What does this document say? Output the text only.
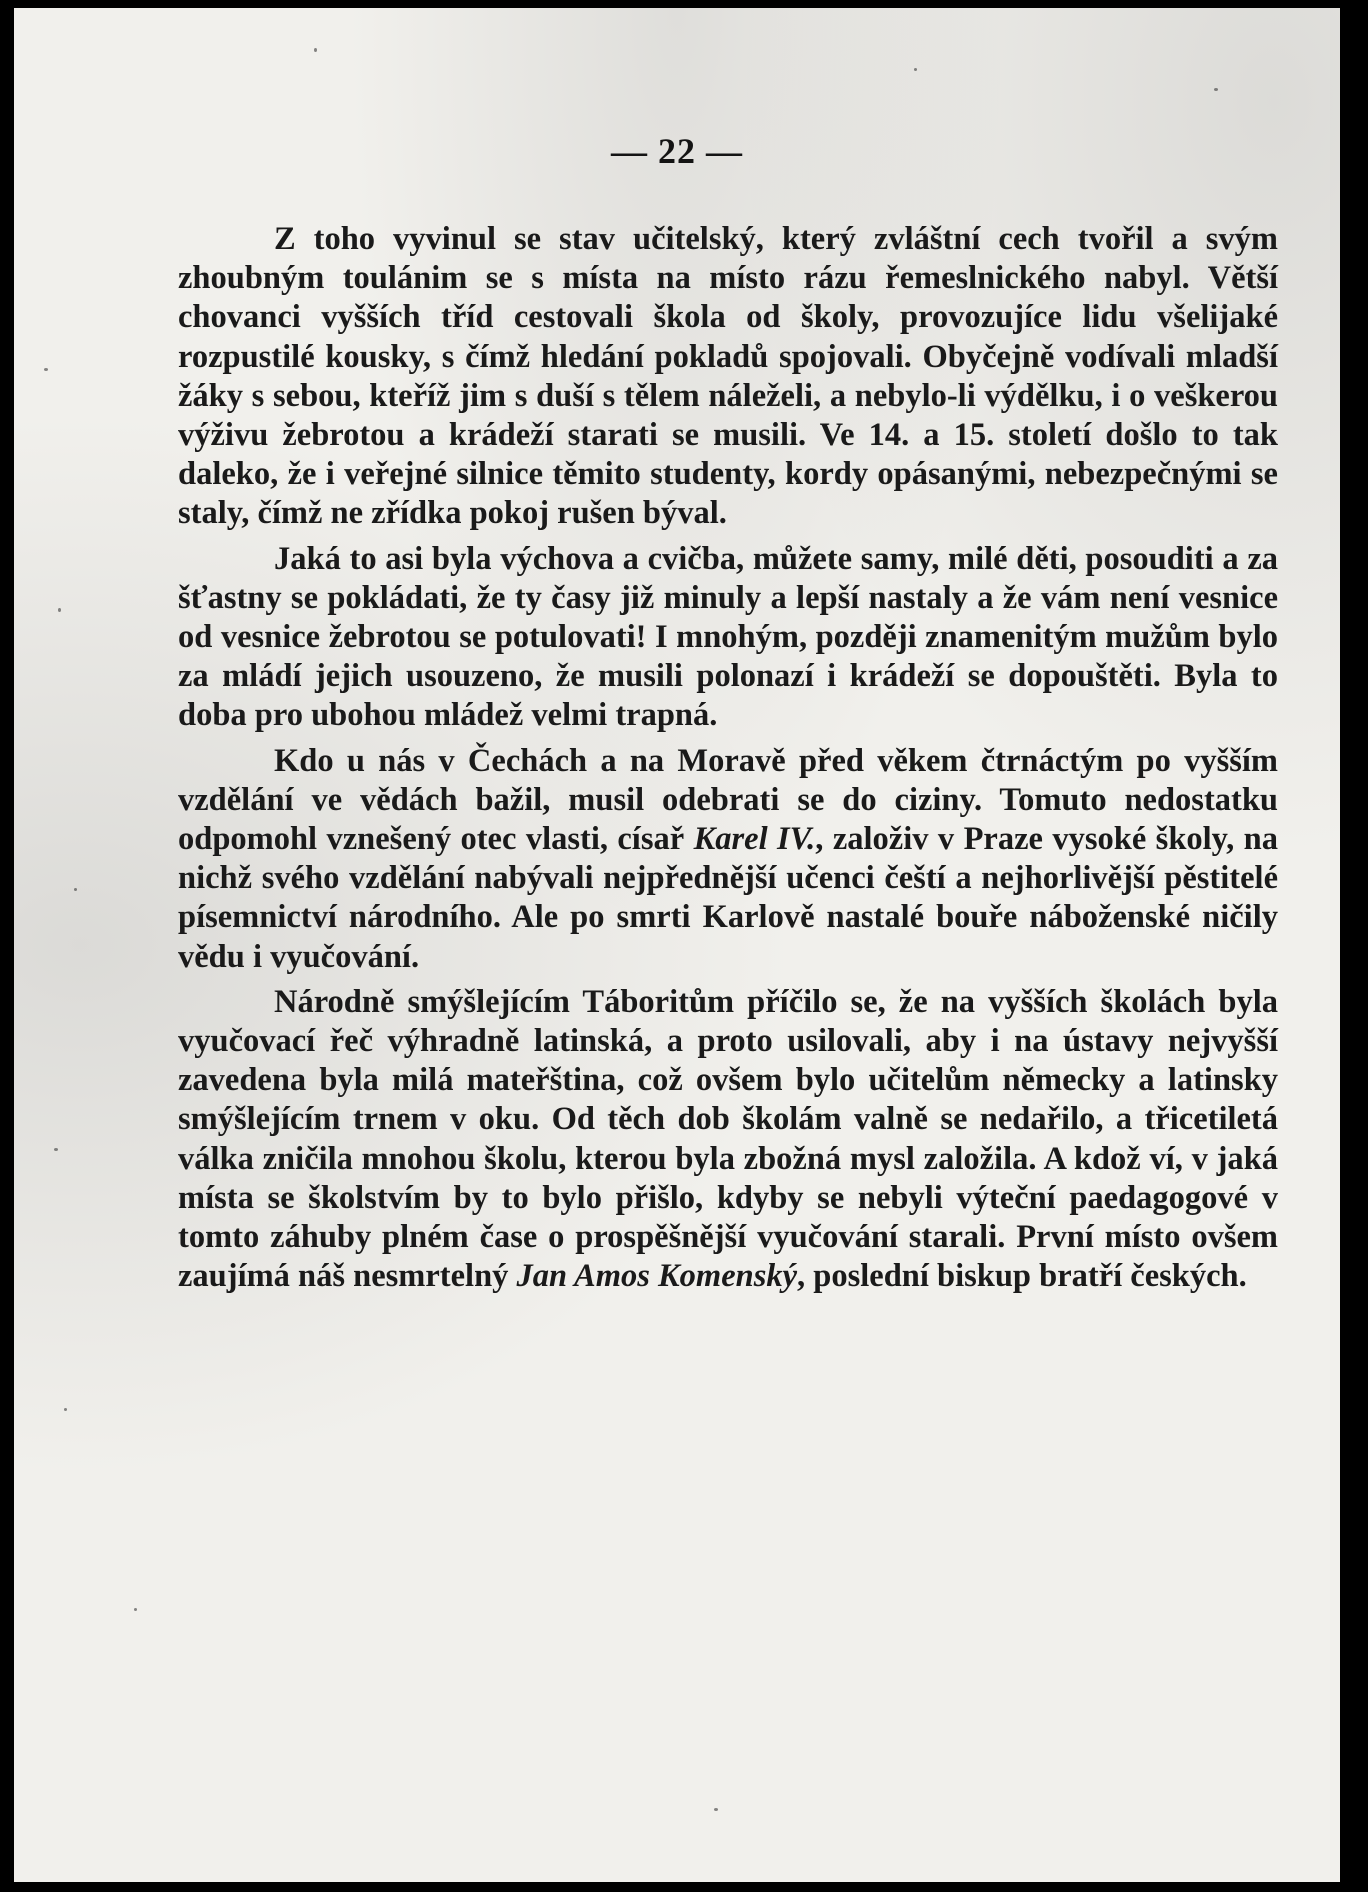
— 22 —

Z toho vyvinul se stav učitelský, který zvláštní cech tvořil a svým zhoubným toulánim se s místa na místo rázu řemeslnického nabyl. Větší chovanci vyšších tříd cestovali škola od školy, provozujíce lidu všelijaké rozpustilé kousky, s čímž hledání pokladů spojovali. Obyčejně vodívali mladší žáky s sebou, kteříž jim s duší s tělem náleželi, a nebylo-li výdělku, i o veškerou výživu žebrotou a krádeží starati se musili. Ve 14. a 15. století došlo to tak daleko, že i veřejné silnice těmito studenty, kordy opásanými, nebezpečnými se staly, čímž ne zřídka pokoj rušen býval.

Jaká to asi byla výchova a cvičba, můžete samy, milé děti, posouditi a za šťastny se pokládati, že ty časy již minuly a lepší nastaly a že vám není vesnice od vesnice žebrotou se potulovati! I mnohým, později znamenitým mužům bylo za mládí jejich usouzeno, že musili polonazí i krádeží se dopouštěti. Byla to doba pro ubohou mládež velmi trapná.

Kdo u nás v Čechách a na Moravě před věkem čtrnáctým po vyšším vzdělání ve vědách bažil, musil odebrati se do ciziny. Tomuto nedostatku odpomohl vznešený otec vlasti, císař Karel IV., založiv v Praze vysoké školy, na nichž svého vzdělání nabývali nejpřednější učenci čeští a nejhorlivější pěstitelé písemnictví národního. Ale po smrti Karlově nastalé bouře náboženské ničily vědu i vyučování.

Národně smýšlejícím Táboritům příčilo se, že na vyšších školách byla vyučovací řeč výhradně latinská, a proto usilovali, aby i na ústavy nejvyšší zavedena byla milá mateřština, což ovšem bylo učitelům německy a latinsky smýšlejícím trnem v oku. Od těch dob školám valně se nedařilo, a třicetiletá válka zničila mnohou školu, kterou byla zbožná mysl založila. A kdož ví, v jaká místa se školstvím by to bylo přišlo, kdyby se nebyli výteční paedagogové v tomto záhuby plném čase o prospěšnější vyučování starali. První místo ovšem zaujímá náš nesmrtelný Jan Amos Komenský, poslední biskup bratří českých.
